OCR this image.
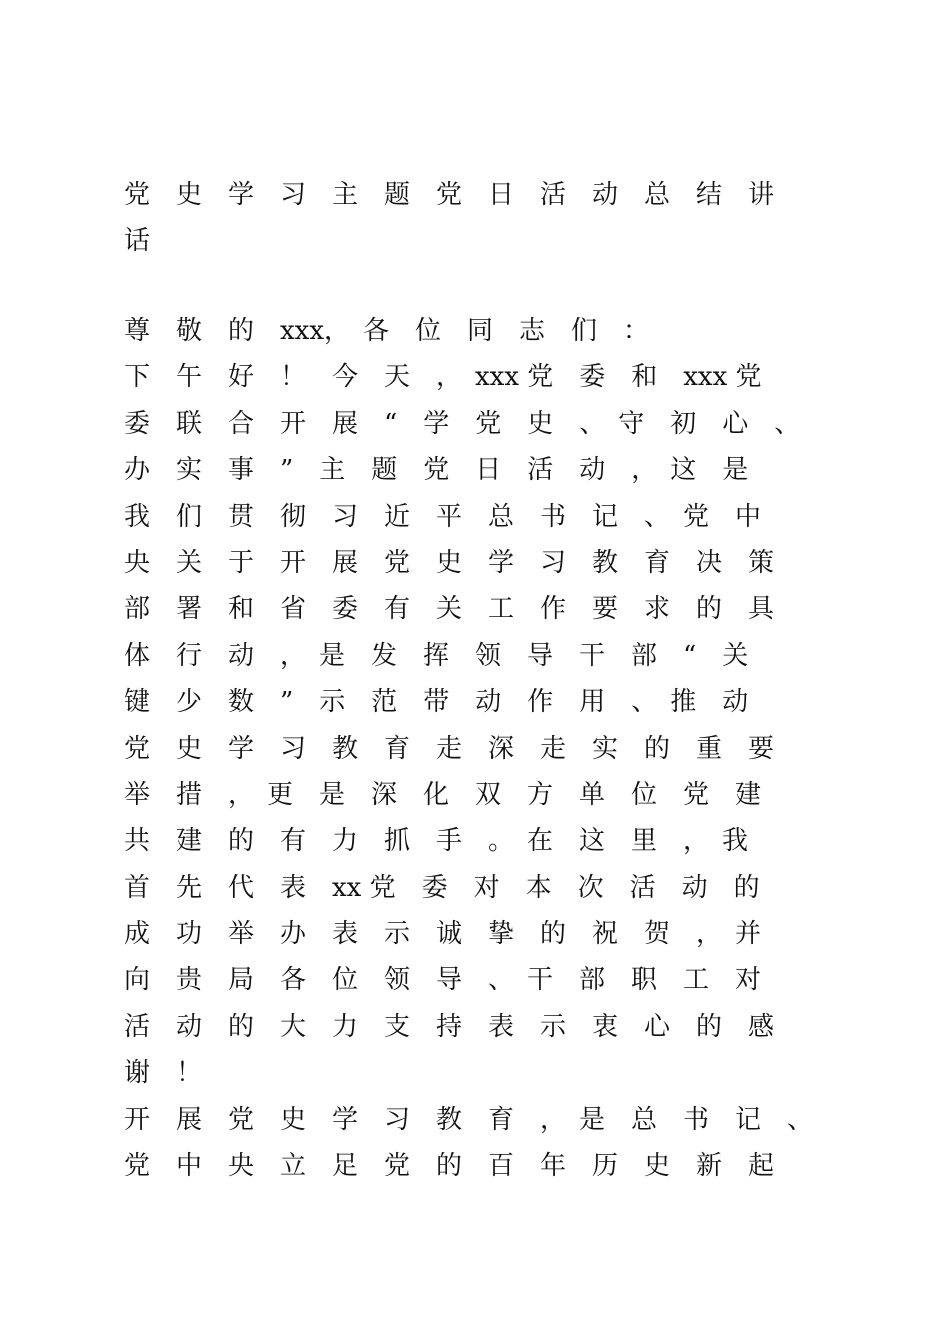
党　史　学　习　主　题　党　日　活　动　总　结　讲
话
尊　敬　的　xxx，　各　位　同　志　们　：
下　午　好　！　今　天　，　xxx 党　委　和　xxx 党
委　联　合　开　展　“　学　党　史　、　守　初　心　、
办　实　事　”　主　题　党　日　活　动　，　这　是
我　们　贯　彻　习　近　平　总　书　记　、　党　中
央　关　于　开　展　党　史　学　习　教　育　决　策
部　署　和　省　委　有　关　工　作　要　求　的　具
体　行　动　，　是　发　挥　领　导　干　部　“　关
键　少　数　”　示　范　带　动　作　用　、　推　动
党　史　学　习　教　育　走　深　走　实　的　重　要
举　措　，　更　是　深　化　双　方　单　位　党　建
共　建　的　有　力　抓　手　。　在　这　里　，　我
首　先　代　表　xx 党　委　对　本　次　活　动　的
成　功　举　办　表　示　诚　挚　的　祝　贺　，　并
向　贵　局　各　位　领　导　、　干　部　职　工　对
活　动　的　大　力　支　持　表　示　衷　心　的　感
谢　！
开　展　党　史　学　习　教　育　，　是　总　书　记　、
党　中　央　立　足　党　的　百　年　历　史　新　起
